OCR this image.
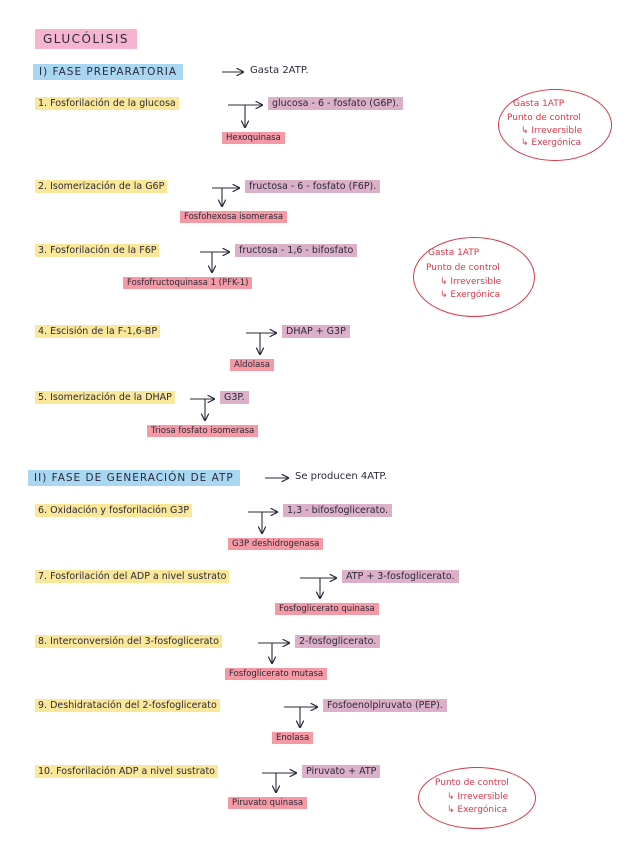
GLUCÓLISIS
I) FASE PREPARATORIA	Gasta 2ATP.
1. Fosforilación de la glucosa	glucosa - 6 - fosfato (G6P).
Hexoquinasa
2. Isomerización de la G6P	fructosa - 6 - fosfato (F6P).
Fosfohexosa isomerasa
3. Fosforilación de la F6P	fructosa - 1,6 - bifosfato
Fosfofructoquinasa 1 (PFK-1)
4. Escisión de la F-1,6-BP	DHAP + G3P
Aldolasa
5. Isomerización de la DHAP	G3P.
Triosa fosfato isomerasa
II) FASE DE GENERACIÓN DE ATP	Se producen 4ATP.
6. Oxidación y fosforilación G3P	1,3 - bifosfoglicerato.
G3P deshidrogenasa
7. Fosforilación del ADP a nivel sustrato	ATP + 3-fosfoglicerato.
Fosfoglicerato quinasa
8. Interconversión del 3-fosfoglicerato	2-fosfoglicerato.
Fosfoglicerato mutasa
9. Deshidratación del 2-fosfoglicerato	Fosfoenolpiruvato (PEP).
Enolasa
10. Fosforilación ADP a nivel sustrato	Piruvato + ATP
Piruvato quinasa
Gasta 1ATP
Punto de control
↳ Irreversible
↳ Exergónica
Gasta 1ATP
Punto de control
↳ Irreversible
↳ Exergónica
Punto de control
↳ Irreversible
↳ Exergónica
